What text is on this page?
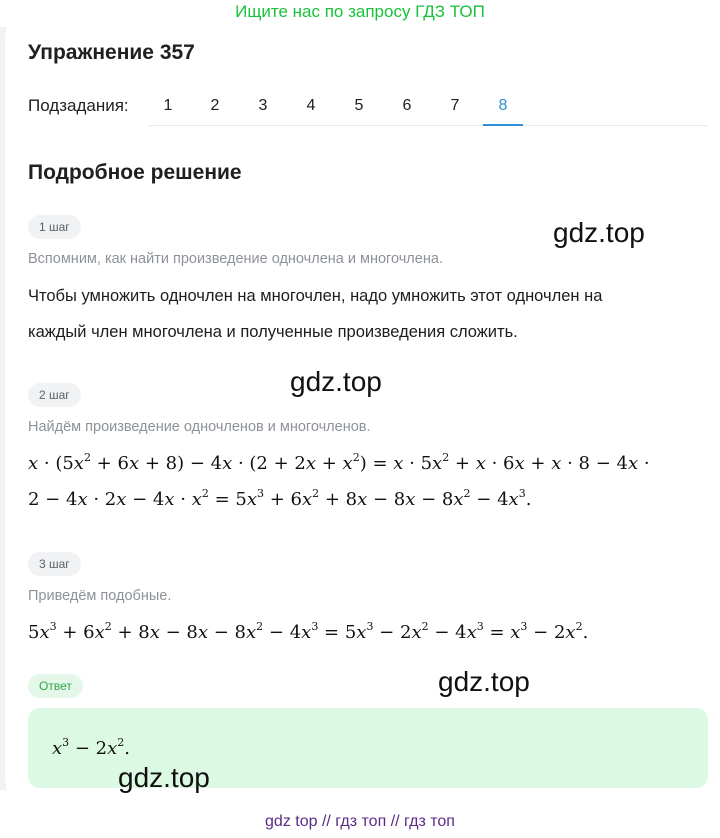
Ищите нас по запросу ГДЗ ТОП
Упражнение 357
Подзадания:	1	2	3	4	5	6	7	8
Подробное решение
1 шаг
Вспомним, как найти произведение одночлена и многочлена.
Чтобы умножить одночлен на многочлен, надо умножить этот одночлен на
каждый член многочлена и полученные произведения сложить.
2 шаг
Найдём произведение одночленов и многочленов.
$x \cdot (5x^2 + 6x + 8) - 4x \cdot (2 + 2x + x^2) = x \cdot 5x^2 + x \cdot 6x + x \cdot 8 - 4x$ ·
$2 - 4x \cdot 2x - 4x \cdot x^2 = 5x^3 + 6x^2 + 8x - 8x - 8x^2 - 4x^3$.
3 шаг
Приведём подобные.
$5x^3 + 6x^2 + 8x - 8x - 8x^2 - 4x^3 = 5x^3 - 2x^2 - 4x^3 = x^3 - 2x^2$.
Ответ
$x^3 - 2x^2$.
gdz.top
gdz.top
gdz.top
gdz.top
gdz top // гдз топ // гдз топ
